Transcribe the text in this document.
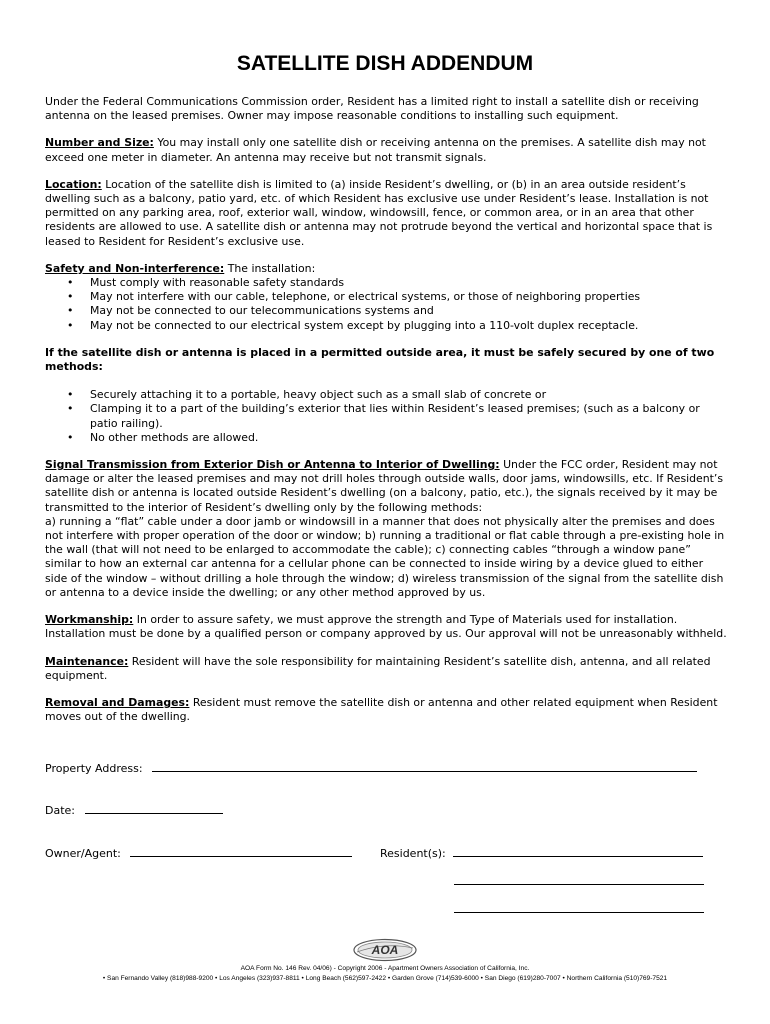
SATELLITE DISH ADDENDUM

Under the Federal Communications Commission order, Resident has a limited right to install a satellite dish or receiving antenna on the leased premises. Owner may impose reasonable conditions to installing such equipment.

Number and Size: You may install only one satellite dish or receiving antenna on the premises. A satellite dish may not exceed one meter in diameter. An antenna may receive but not transmit signals.

Location: Location of the satellite dish is limited to (a) inside Resident’s dwelling, or (b) in an area outside resident’s dwelling such as a balcony, patio yard, etc. of which Resident has exclusive use under Resident’s lease. Installation is not permitted on any parking area, roof, exterior wall, window, windowsill, fence, or common area, or in an area that other residents are allowed to use. A satellite dish or antenna may not protrude beyond the vertical and horizontal space that is leased to Resident for Resident’s exclusive use.

Safety and Non-interference: The installation:

• Must comply with reasonable safety standards
• May not interfere with our cable, telephone, or electrical systems, or those of neighboring properties
• May not be connected to our telecommunications systems and
• May not be connected to our electrical system except by plugging into a 110-volt duplex receptacle.

If the satellite dish or antenna is placed in a permitted outside area, it must be safely secured by one of two methods:

• Securely attaching it to a portable, heavy object such as a small slab of concrete or
• Clamping it to a part of the building’s exterior that lies within Resident’s leased premises; (such as a balcony or patio railing).
• No other methods are allowed.

Signal Transmission from Exterior Dish or Antenna to Interior of Dwelling: Under the FCC order, Resident may not damage or alter the leased premises and may not drill holes through outside walls, door jams, windowsills, etc. If Resident’s satellite dish or antenna is located outside Resident’s dwelling (on a balcony, patio, etc.), the signals received by it may be transmitted to the interior of Resident’s dwelling only by the following methods:

a) running a “flat” cable under a door jamb or windowsill in a manner that does not physically alter the premises and does not interfere with proper operation of the door or window; b) running a traditional or flat cable through a pre-existing hole in the wall (that will not need to be enlarged to accommodate the cable); c) connecting cables “through a window pane” similar to how an external car antenna for a cellular phone can be connected to inside wiring by a device glued to either side of the window – without drilling a hole through the window; d) wireless transmission of the signal from the satellite dish or antenna to a device inside the dwelling; or any other method approved by us.

Workmanship: In order to assure safety, we must approve the strength and Type of Materials used for installation. Installation must be done by a qualified person or company approved by us. Our approval will not be unreasonably withheld.

Maintenance: Resident will have the sole responsibility for maintaining Resident’s satellite dish, antenna, and all related equipment.

Removal and Damages: Resident must remove the satellite dish or antenna and other related equipment when Resident moves out of the dwelling.

Property Address:
Date:
Owner/Agent:	Resident(s):
AOA
AOA Form No. 146 Rev. 04/06) - Copyright 2006 - Apartment Owners Association of California, Inc.
• San Fernando Valley (818)988-9200 • Los Angeles (323)937-8811 • Long Beach (562)597-2422 • Garden Grove (714)539-6000 • San Diego (619)280-7007 • Northern California (510)769-7521
